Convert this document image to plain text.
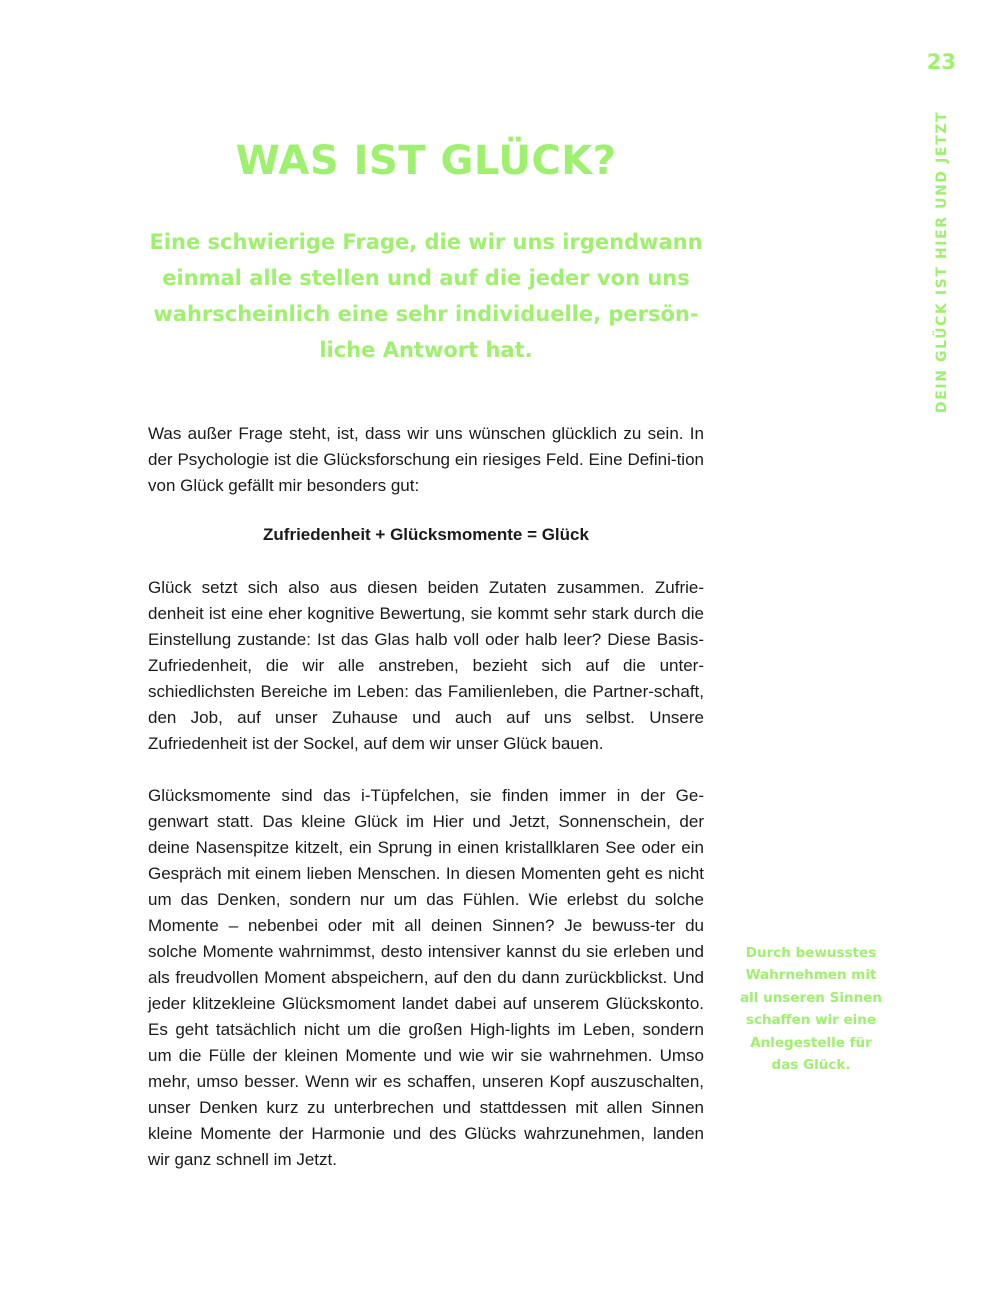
23
DEIN GLÜCK IST HIER UND JETZT
WAS IST GLÜCK?

Eine schwierige Frage, die wir uns irgendwann einmal alle stellen und auf die jeder von uns wahrscheinlich eine sehr individuelle, persön-liche Antwort hat.

Was außer Frage steht, ist, dass wir uns wünschen glücklich zu sein. In der Psychologie ist die Glücksforschung ein riesiges Feld. Eine Defini-tion von Glück gefällt mir besonders gut:

Zufriedenheit + Glücksmomente = Glück

Glück setzt sich also aus diesen beiden Zutaten zusammen. Zufrie-denheit ist eine eher kognitive Bewertung, sie kommt sehr stark durch die Einstellung zustande: Ist das Glas halb voll oder halb leer? Diese Basis-Zufriedenheit, die wir alle anstreben, bezieht sich auf die unter-schiedlichsten Bereiche im Leben: das Familienleben, die Partner-schaft, den Job, auf unser Zuhause und auch auf uns selbst. Unsere Zufriedenheit ist der Sockel, auf dem wir unser Glück bauen.

Glücksmomente sind das i-Tüpfelchen, sie finden immer in der Ge-genwart statt. Das kleine Glück im Hier und Jetzt, Sonnenschein, der deine Nasenspitze kitzelt, ein Sprung in einen kristallklaren See oder ein Gespräch mit einem lieben Menschen. In diesen Momenten geht es nicht um das Denken, sondern nur um das Fühlen. Wie erlebst du solche Momente – nebenbei oder mit all deinen Sinnen? Je bewuss-ter du solche Momente wahrnimmst, desto intensiver kannst du sie erleben und als freudvollen Moment abspeichern, auf den du dann zurückblickst. Und jeder klitzekleine Glücksmoment landet dabei auf unserem Glückskonto. Es geht tatsächlich nicht um die großen High-lights im Leben, sondern um die Fülle der kleinen Momente und wie wir sie wahrnehmen. Umso mehr, umso besser. Wenn wir es schaffen, unseren Kopf auszuschalten, unser Denken kurz zu unterbrechen und stattdessen mit allen Sinnen kleine Momente der Harmonie und des Glücks wahrzunehmen, landen wir ganz schnell im Jetzt.

Durch bewusstes Wahrnehmen mit all unseren Sinnen schaffen wir eine Anlegestelle für das Glück.
